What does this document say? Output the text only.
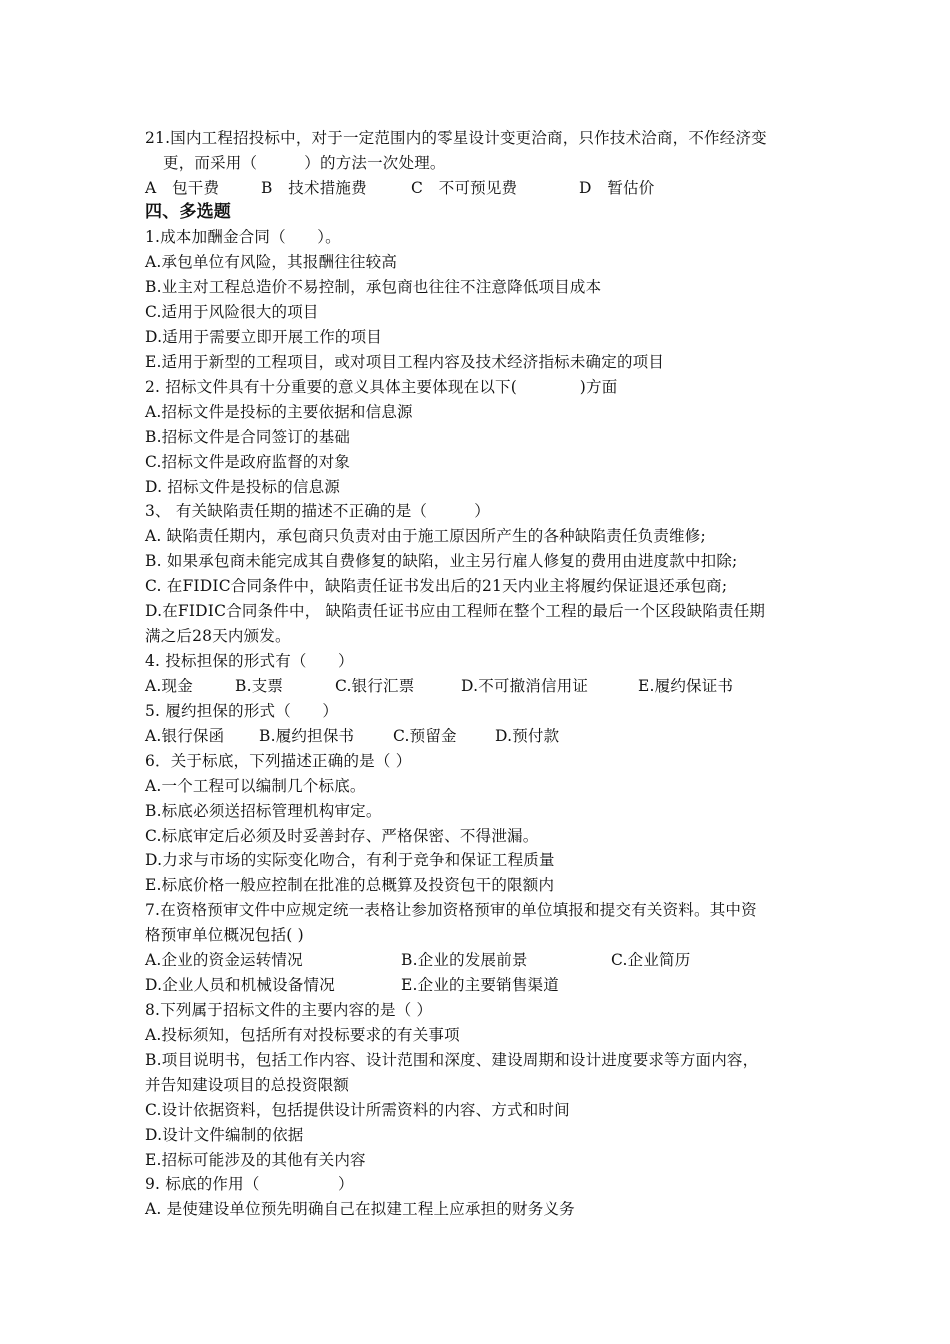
21.国内工程招投标中，对于一定范围内的零星设计变更洽商，只作技术洽商，不作经济变
更，而采用（　　　）的方法一次处理。
A　包干费	B　技术措施费	C　不可预见费	D　暂估价
四、多选题
1.成本加酬金合同（　　）。
A.承包单位有风险，其报酬往往较高
B.业主对工程总造价不易控制，承包商也往往不注意降低项目成本
C.适用于风险很大的项目
D.适用于需要立即开展工作的项目
E.适用于新型的工程项目，或对项目工程内容及技术经济指标未确定的项目
2. 招标文件具有十分重要的意义具体主要体现在以下(　　　　)方面
A.招标文件是投标的主要依据和信息源
B.招标文件是合同签订的基础
C.招标文件是政府监督的对象
D. 招标文件是投标的信息源
3、 有关缺陷责任期的描述不正确的是（　　　）
A. 缺陷责任期内，承包商只负责对由于施工原因所产生的各种缺陷责任负责维修;
B. 如果承包商未能完成其自费修复的缺陷，业主另行雇人修复的费用由进度款中扣除;
C. 在FIDIC合同条件中，缺陷责任证书发出后的21天内业主将履约保证退还承包商;
D.在FIDIC合同条件中， 缺陷责任证书应由工程师在整个工程的最后一个区段缺陷责任期
满之后28天内颁发。
4. 投标担保的形式有（　　）
A.现金	B.支票	C.银行汇票	D.不可撤消信用证	E.履约保证书
5. 履约担保的形式（　　）
A.银行保函 B.履约担保书	C.预留金 D.预付款
6．关于标底，下列描述正确的是（ ）
A.一个工程可以编制几个标底。
B.标底必须送招标管理机构审定。
C.标底审定后必须及时妥善封存、严格保密、不得泄漏。
D.力求与市场的实际变化吻合，有利于竞争和保证工程质量
E.标底价格一般应控制在批准的总概算及投资包干的限额内
7.在资格预审文件中应规定统一表格让参加资格预审的单位填报和提交有关资料。其中资
格预审单位概况包括( )
A.企业的资金运转情况	B.企业的发展前景	C.企业简历
D.企业人员和机械设备情况	E.企业的主要销售渠道
8.下列属于招标文件的主要内容的是（ ）
A.投标须知，包括所有对投标要求的有关事项
B.项目说明书，包括工作内容、设计范围和深度、建设周期和设计进度要求等方面内容，
并告知建设项目的总投资限额
C.设计依据资料，包括提供设计所需资料的内容、方式和时间
D.设计文件编制的依据
E.招标可能涉及的其他有关内容
9. 标底的作用（　　　　　）
A. 是使建设单位预先明确自己在拟建工程上应承担的财务义务
